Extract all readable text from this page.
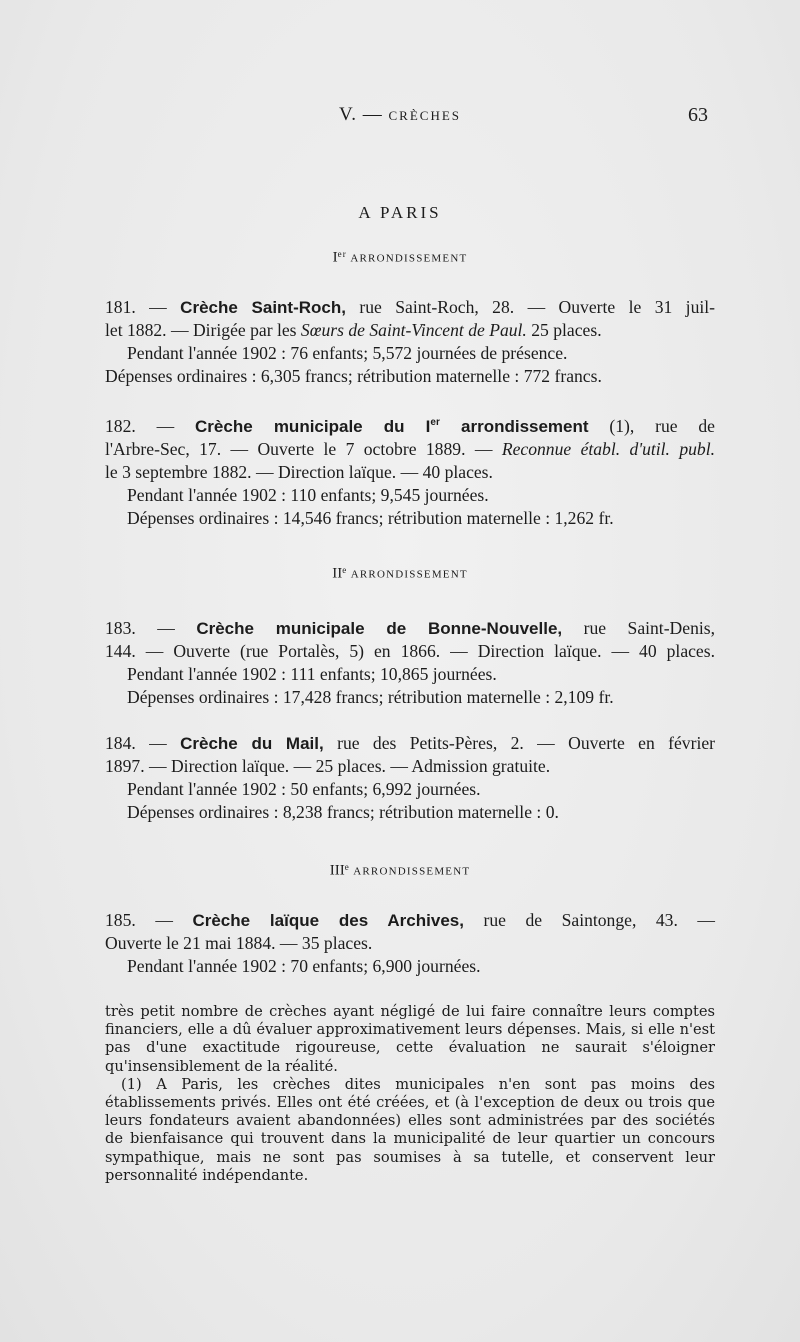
V. — CRÈCHES	63
A PARIS
Ier ARRONDISSEMENT

181. — Crèche Saint-Roch, rue Saint-Roch, 28. — Ouverte le 31 juil-

let 1882. — Dirigée par les Sœurs de Saint-Vincent de Paul. 25 places.

Pendant l'année 1902 : 76 enfants; 5,572 journées de présence.

Dépenses ordinaires : 6,305 francs; rétribution maternelle : 772 francs.

182. — Crèche municipale du Ier arrondissement (1), rue de

l'Arbre-Sec, 17. — Ouverte le 7 octobre 1889. — Reconnue établ. d'util. publ.

le 3 septembre 1882. — Direction laïque. — 40 places.

Pendant l'année 1902 : 110 enfants; 9,545 journées.

Dépenses ordinaires : 14,546 francs; rétribution maternelle : 1,262 fr.

IIe ARRONDISSEMENT

183. — Crèche municipale de Bonne-Nouvelle, rue Saint-Denis,

144. — Ouverte (rue Portalès, 5) en 1866. — Direction laïque. — 40 places.

Pendant l'année 1902 : 111 enfants; 10,865 journées.

Dépenses ordinaires : 17,428 francs; rétribution maternelle : 2,109 fr.

184. — Crèche du Mail, rue des Petits-Pères, 2. — Ouverte en février

1897. — Direction laïque. — 25 places. — Admission gratuite.

Pendant l'année 1902 : 50 enfants; 6,992 journées.

Dépenses ordinaires : 8,238 francs; rétribution maternelle : 0.

IIIe ARRONDISSEMENT

185. — Crèche laïque des Archives, rue de Saintonge, 43. —

Ouverte le 21 mai 1884. — 35 places.

Pendant l'année 1902 : 70 enfants; 6,900 journées.

très petit nombre de crèches ayant négligé de lui faire connaître leurs comptes financiers, elle a dû évaluer approximativement leurs dépenses. Mais, si elle n'est pas d'une exactitude rigoureuse, cette évaluation ne saurait s'éloigner qu'insensiblement de la réalité.

(1) A Paris, les crèches dites municipales n'en sont pas moins des établissements privés. Elles ont été créées, et (à l'exception de deux ou trois que leurs fondateurs avaient abandonnées) elles sont administrées par des sociétés de bienfaisance qui trouvent dans la municipalité de leur quartier un concours sympathique, mais ne sont pas soumises à sa tutelle, et conservent leur personnalité indépendante.
